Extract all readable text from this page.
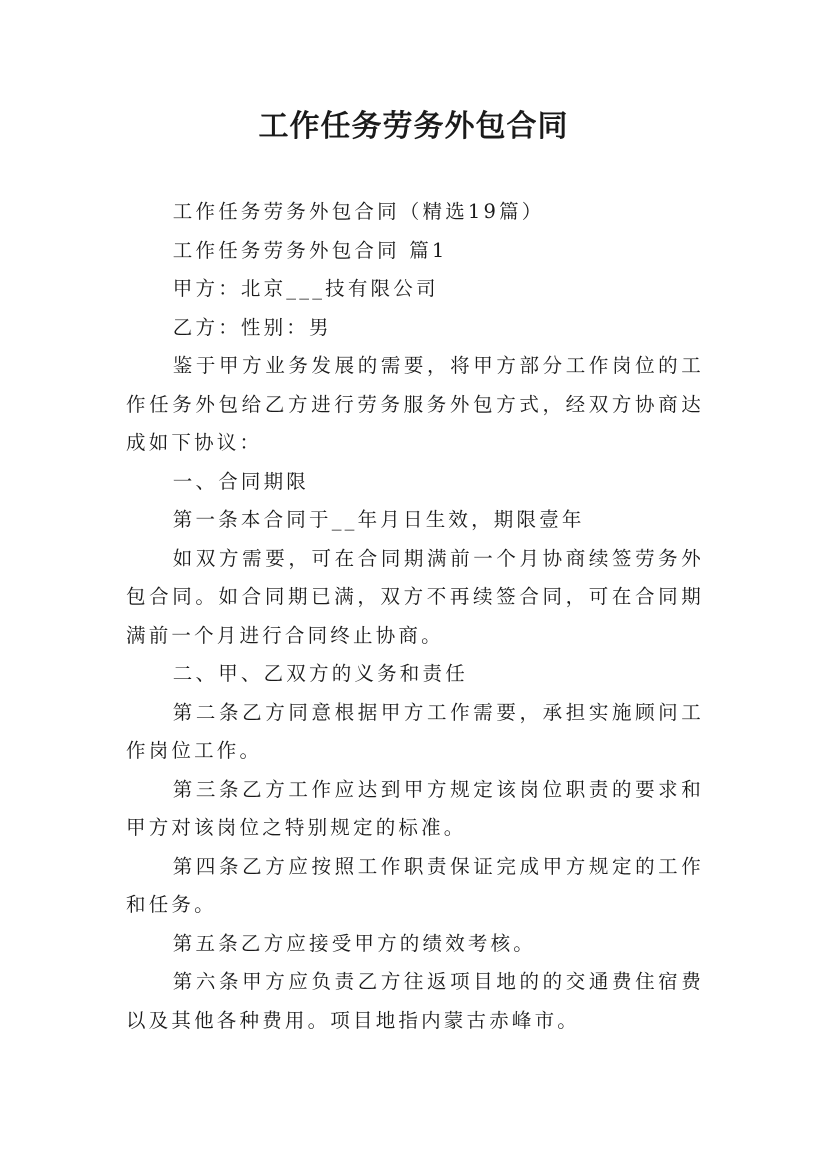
工作任务劳务外包合同

工作任务劳务外包合同（精选19篇）

工作任务劳务外包合同 篇1

甲方：北京___技有限公司

乙方：性别：男

鉴于甲方业务发展的需要，将甲方部分工作岗位的工作任务外包给乙方进行劳务服务外包方式，经双方协商达成如下协议：

一、合同期限

第一条本合同于__年月日生效，期限壹年

如双方需要，可在合同期满前一个月协商续签劳务外包合同。如合同期已满，双方不再续签合同，可在合同期满前一个月进行合同终止协商。

二、甲、乙双方的义务和责任

第二条乙方同意根据甲方工作需要，承担实施顾问工作岗位工作。

第三条乙方工作应达到甲方规定该岗位职责的要求和甲方对该岗位之特别规定的标准。

第四条乙方应按照工作职责保证完成甲方规定的工作和任务。

第五条乙方应接受甲方的绩效考核。

第六条甲方应负责乙方往返项目地的的交通费住宿费以及其他各种费用。项目地指内蒙古赤峰市。
